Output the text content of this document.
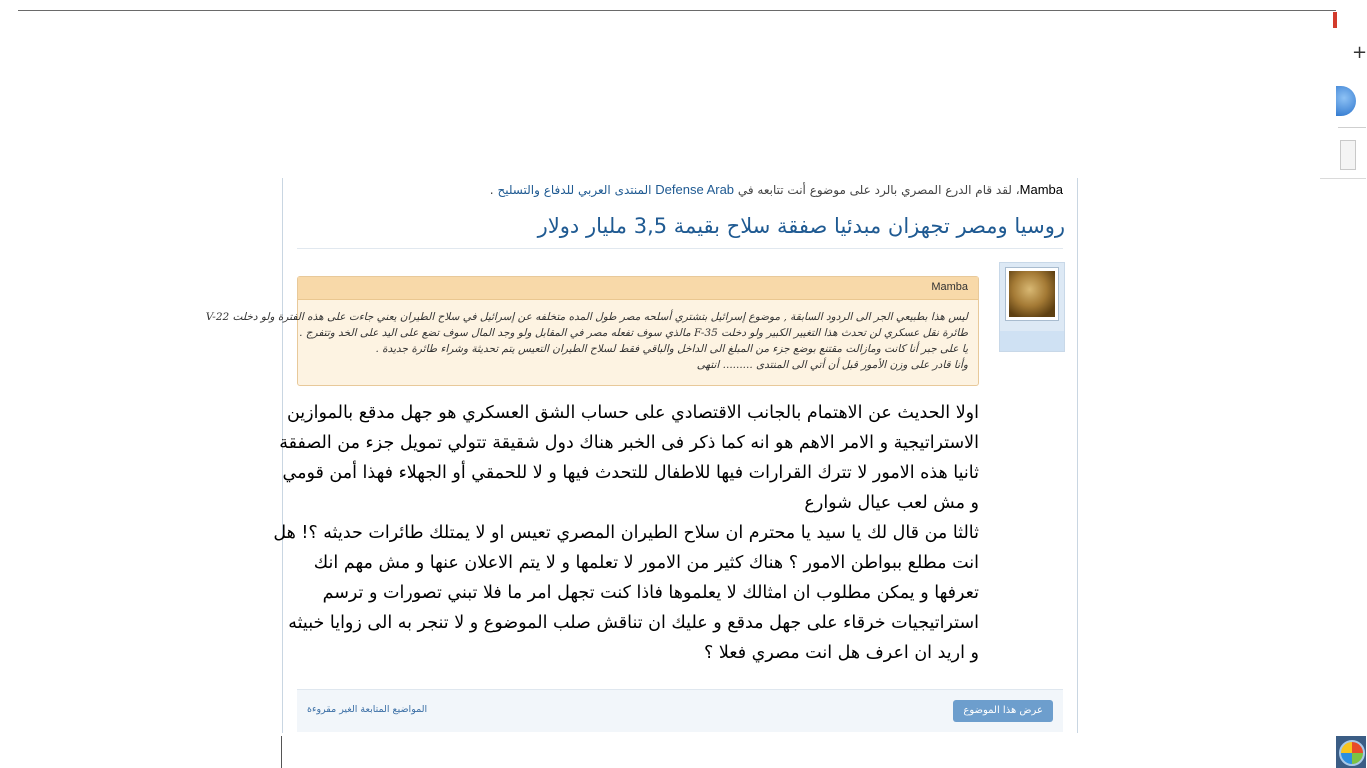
+
Mamba، لقد قام الدرع المصري بالرد على موضوع أنت تتابعه في Defense Arab المنتدى العربي للدفاع والتسليح .
روسيا ومصر تجهزان مبدئيا صفقة سلاح بقيمة 3,5 مليار دولار
Mamba
ليس هذا بطبيعي الجر الى الردود السابقة , موضوع إسرائيل بتشتري أسلحه مصر طول المده متخلفه عن إسرائيل في سلاح الطيران يعني جاءت على هذه الفترة ولو دخلت V-22
طائرة نقل عسكري لن تحدث هذا التغيير الكبير ولو دخلت F-35 مالذي سوف تفعله مصر في المقابل ولو وجد المال سوف تضع على اليد على الخد وتتفرج .
يا على جبر أنا كانت ومازالت مقتنع بوضع جزء من المبلغ الى الداخل والباقي فقط لسلاح الطيران التعيس يتم تحديثة وشراء طائرة جديدة .
وأنا قادر على وزن الأمور قبل أن أتي الى المنتدى ......... انتهى
اولا الحديث عن الاهتمام بالجانب الاقتصادي على حساب الشق العسكري هو جهل مدقع بالموازين
الاستراتيجية و الامر الاهم هو انه كما ذكر فى الخبر هناك دول شقيقة تتولي تمويل جزء من الصفقة
ثانيا هذه الامور لا تترك القرارات فيها للاطفال للتحدث فيها و لا للحمقي أو الجهلاء فهذا أمن قومي
و مش لعب عيال شوارع
ثالثا من قال لك يا سيد يا محترم ان سلاح الطيران المصري تعيس او لا يمتلك طائرات حديثه ؟! هل
انت مطلع ببواطن الامور ؟ هناك كثير من الامور لا تعلمها و لا يتم الاعلان عنها و مش مهم انك
تعرفها و يمكن مطلوب ان امثالك لا يعلموها فاذا كنت تجهل امر ما فلا تبني تصورات و ترسم
استراتيجيات خرقاء على جهل مدقع و عليك ان تناقش صلب الموضوع و لا تنجر به الى زوايا خبيثه
و اريد ان اعرف هل انت مصري فعلا ؟
عرض هذا الموضوع
المواضيع المتابعة الغير مقروءة
